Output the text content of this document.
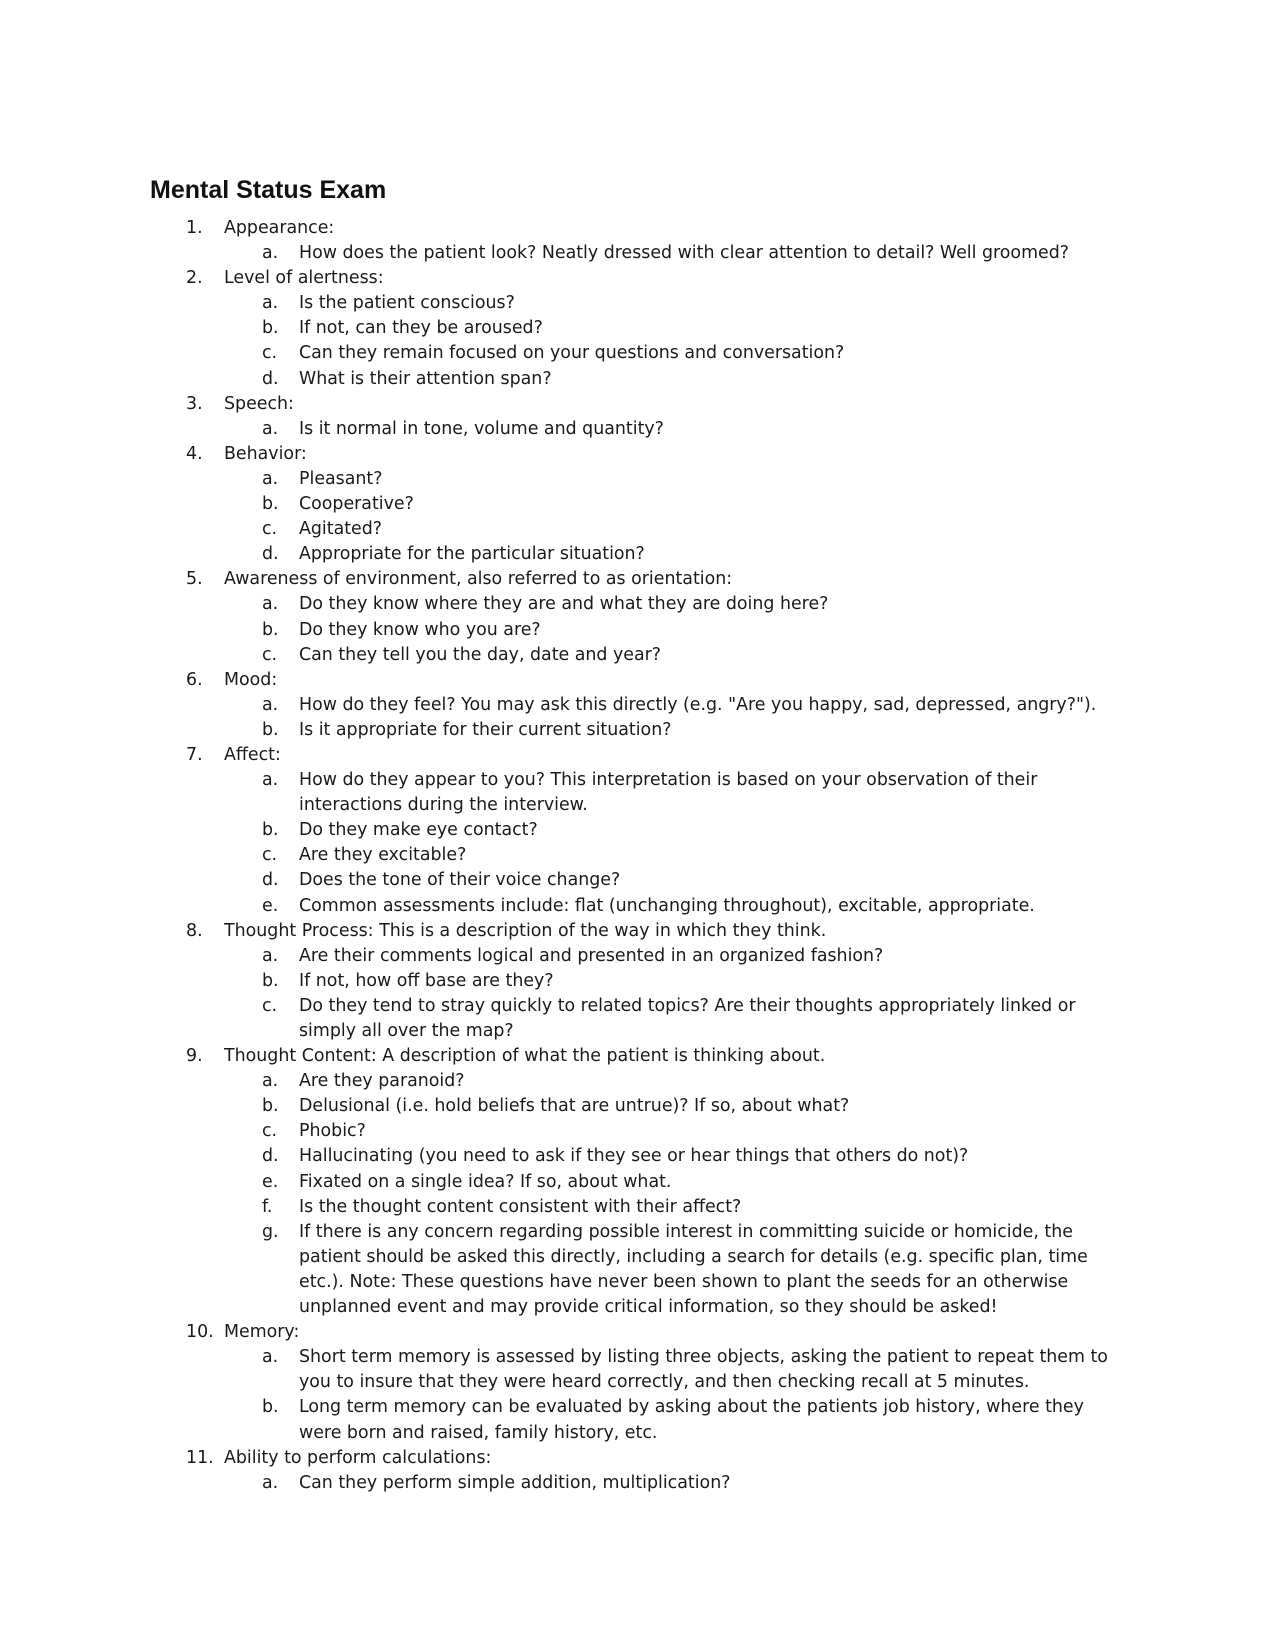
Mental Status Exam
1. Appearance:
a. How does the patient look? Neatly dressed with clear attention to detail? Well groomed?
2. Level of alertness:
a. Is the patient conscious?
b. If not, can they be aroused?
c. Can they remain focused on your questions and conversation?
d. What is their attention span?
3. Speech:
a. Is it normal in tone, volume and quantity?
4. Behavior:
a. Pleasant?
b. Cooperative?
c. Agitated?
d. Appropriate for the particular situation?
5. Awareness of environment, also referred to as orientation:
a. Do they know where they are and what they are doing here?
b. Do they know who you are?
c. Can they tell you the day, date and year?
6. Mood:
a. How do they feel? You may ask this directly (e.g. "Are you happy, sad, depressed, angry?").
b. Is it appropriate for their current situation?
7. Affect:
a. How do they appear to you? This interpretation is based on your observation of their interactions during the interview.
b. Do they make eye contact?
c. Are they excitable?
d. Does the tone of their voice change?
e. Common assessments include: flat (unchanging throughout), excitable, appropriate.
8. Thought Process: This is a description of the way in which they think.
a. Are their comments logical and presented in an organized fashion?
b. If not, how off base are they?
c. Do they tend to stray quickly to related topics? Are their thoughts appropriately linked or simply all over the map?
9. Thought Content: A description of what the patient is thinking about.
a. Are they paranoid?
b. Delusional (i.e. hold beliefs that are untrue)? If so, about what?
c. Phobic?
d. Hallucinating (you need to ask if they see or hear things that others do not)?
e. Fixated on a single idea? If so, about what.
f. Is the thought content consistent with their affect?
g. If there is any concern regarding possible interest in committing suicide or homicide, the patient should be asked this directly, including a search for details (e.g. specific plan, time etc.). Note: These questions have never been shown to plant the seeds for an otherwise unplanned event and may provide critical information, so they should be asked!
10. Memory:
a. Short term memory is assessed by listing three objects, asking the patient to repeat them to you to insure that they were heard correctly, and then checking recall at 5 minutes.
b. Long term memory can be evaluated by asking about the patients job history, where they were born and raised, family history, etc.
11. Ability to perform calculations:
a. Can they perform simple addition, multiplication?
